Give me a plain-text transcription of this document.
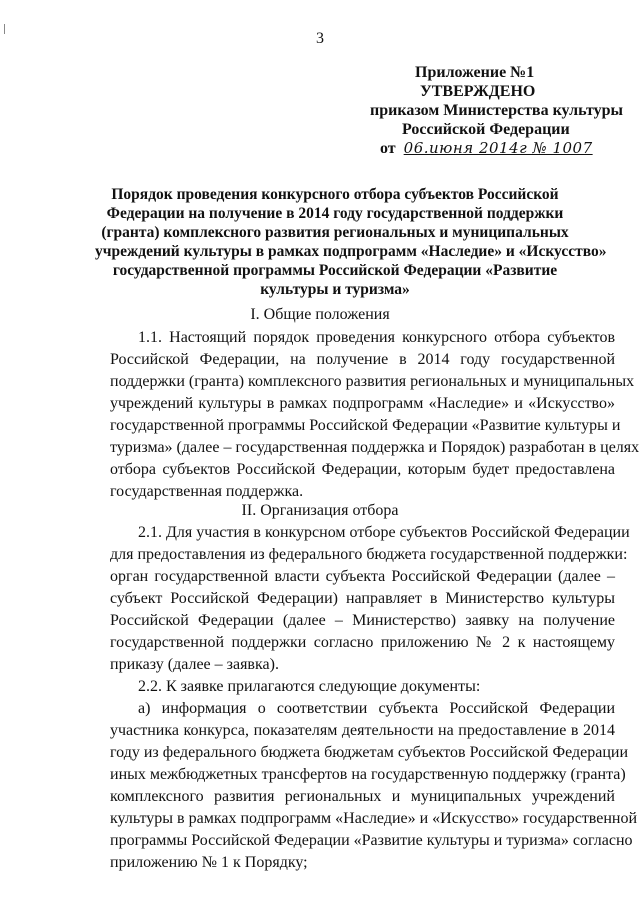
3
Приложение №1
УТВЕРЖДЕНО
приказом Министерства культуры
Российской Федерации
от 06.июня 2014г № 1007
Порядок проведения конкурсного отбора субъектов Российской
Федерации на получение в 2014 году государственной поддержки
(гранта) комплексного развития региональных и муниципальных
учреждений культуры в рамках подпрограмм «Наследие» и «Искусство»
государственной программы Российской Федерации «Развитие
культуры и туризма»
I. Общие положения
1.1. Настоящий порядок проведения конкурсного отбора субъектов
Российской Федерации, на получение в 2014 году государственной
поддержки (гранта) комплексного развития региональных и муниципальных
учреждений культуры в рамках подпрограмм «Наследие» и «Искусство»
государственной программы Российской Федерации «Развитие культуры и
туризма» (далее – государственная поддержка и Порядок) разработан в целях
отбора субъектов Российской Федерации, которым будет предоставлена
государственная поддержка.
II. Организация отбора
2.1. Для участия в конкурсном отборе субъектов Российской Федерации
для предоставления из федерального бюджета государственной поддержки:
орган государственной власти субъекта Российской Федерации (далее –
субъект Российской Федерации) направляет в Министерство культуры
Российской Федерации (далее – Министерство) заявку на получение
государственной поддержки согласно приложению № 2 к настоящему
приказу (далее – заявка).
2.2. К заявке прилагаются следующие документы:
а) информация о соответствии субъекта Российской Федерации
участника конкурса, показателям деятельности на предоставление в 2014
году из федерального бюджета бюджетам субъектов Российской Федерации
иных межбюджетных трансфертов на государственную поддержку (гранта)
комплексного развития региональных и муниципальных учреждений
культуры в рамках подпрограмм «Наследие» и «Искусство» государственной
программы Российской Федерации «Развитие культуры и туризма» согласно
приложению № 1 к Порядку;
